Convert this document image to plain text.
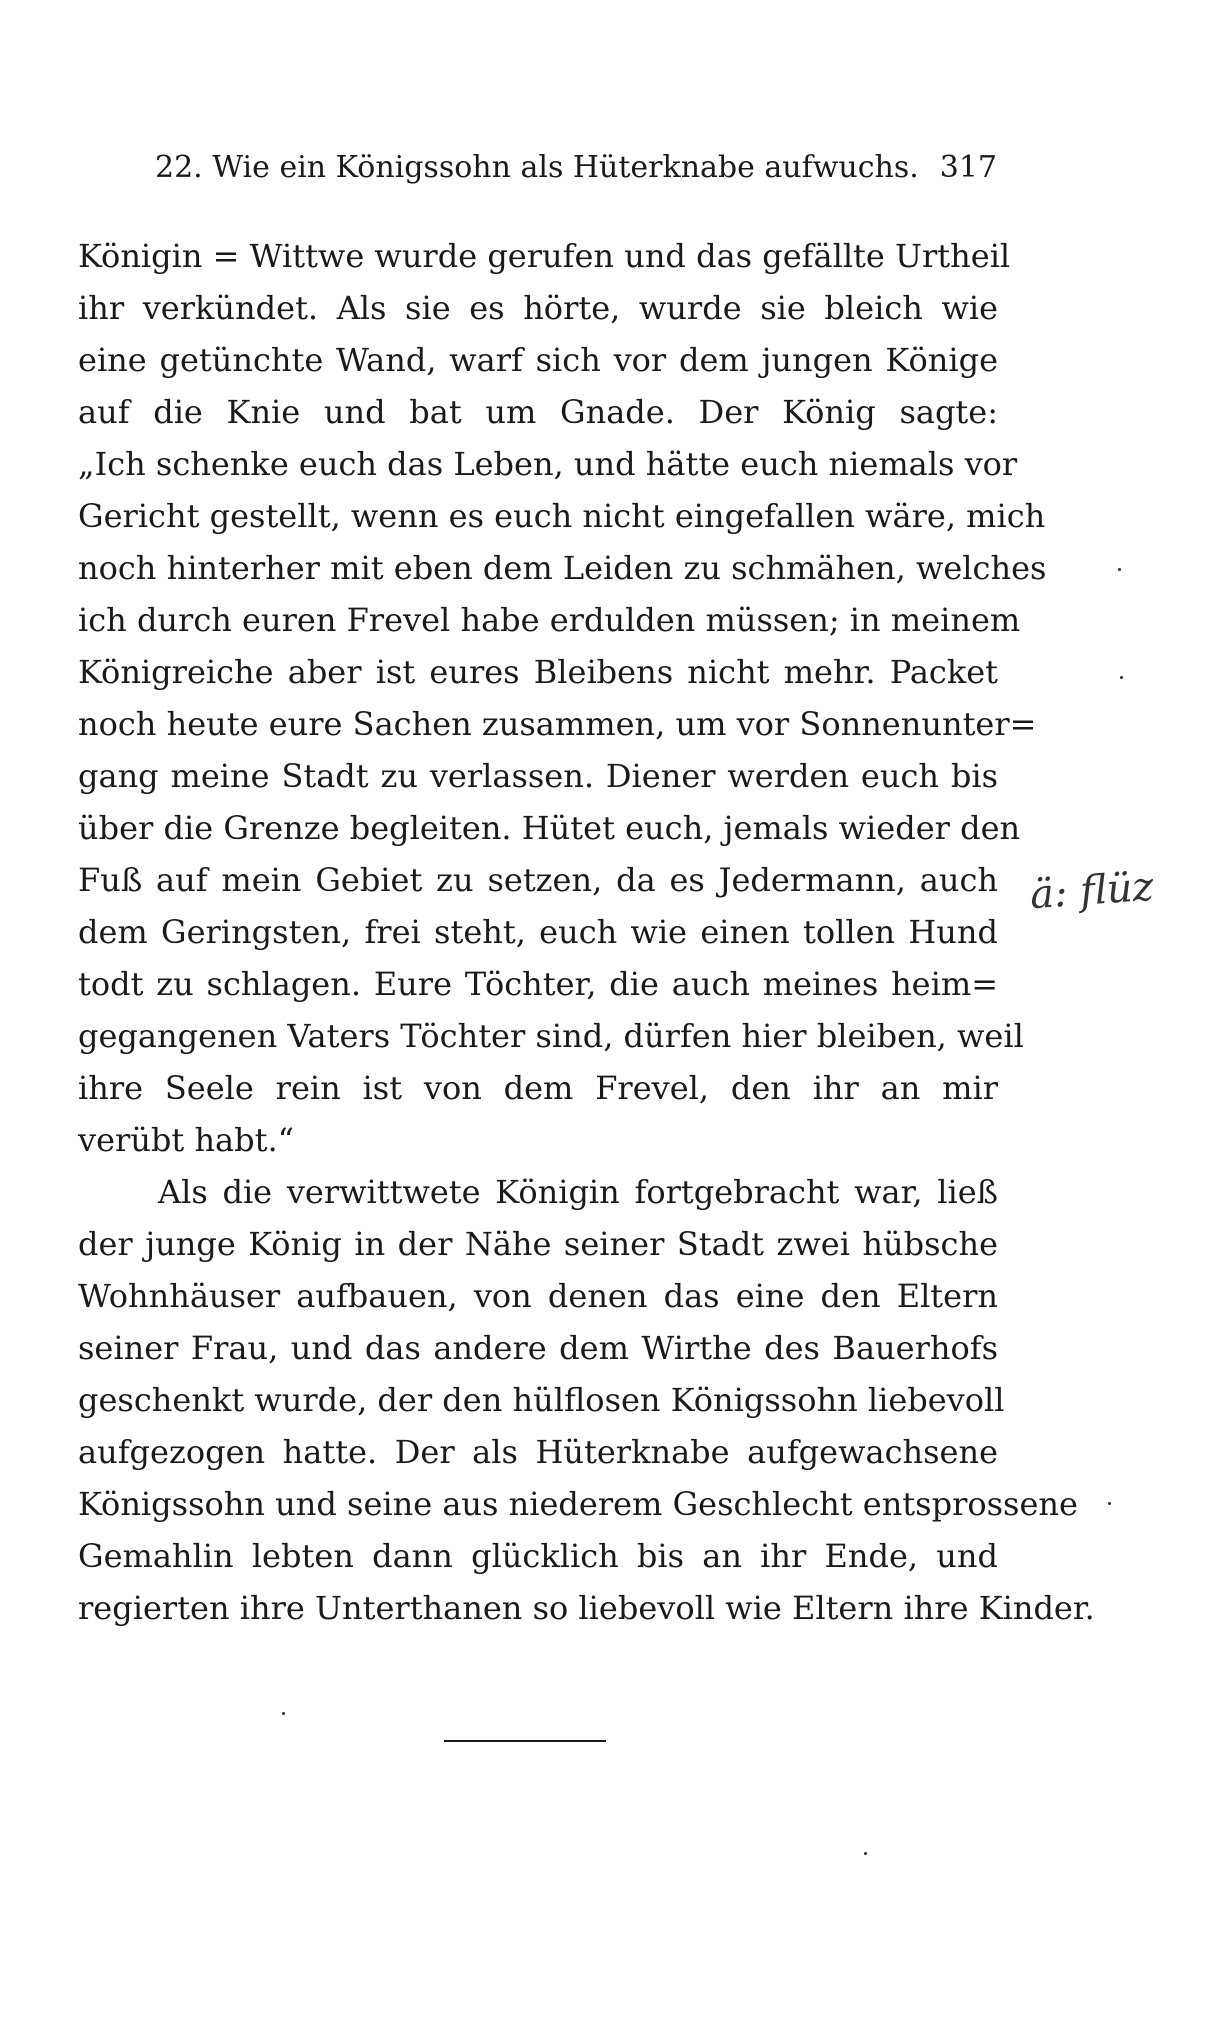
22. Wie ein Königssohn als Hüterknabe aufwuchs. 317
Königin = Wittwe wurde gerufen und das gefällte Urtheil
ihr verkündet. Als sie es hörte, wurde sie bleich wie
eine getünchte Wand, warf sich vor dem jungen Könige
auf die Knie und bat um Gnade. Der König sagte:
„Ich schenke euch das Leben, und hätte euch niemals vor
Gericht gestellt, wenn es euch nicht eingefallen wäre, mich
noch hinterher mit eben dem Leiden zu schmähen, welches
ich durch euren Frevel habe erdulden müssen; in meinem
Königreiche aber ist eures Bleibens nicht mehr. Packet
noch heute eure Sachen zusammen, um vor Sonnenunter=
gang meine Stadt zu verlassen. Diener werden euch bis
über die Grenze begleiten. Hütet euch, jemals wieder den
Fuß auf mein Gebiet zu setzen, da es Jedermann, auch
dem Geringsten, frei steht, euch wie einen tollen Hund
todt zu schlagen. Eure Töchter, die auch meines heim=
gegangenen Vaters Töchter sind, dürfen hier bleiben, weil
ihre Seele rein ist von dem Frevel, den ihr an mir
verübt habt.“
Als die verwittwete Königin fortgebracht war, ließ
der junge König in der Nähe seiner Stadt zwei hübsche
Wohnhäuser aufbauen, von denen das eine den Eltern
seiner Frau, und das andere dem Wirthe des Bauerhofs
geschenkt wurde, der den hülflosen Königssohn liebevoll
aufgezogen hatte. Der als Hüterknabe aufgewachsene
Königssohn und seine aus niederem Geschlecht entsprossene
Gemahlin lebten dann glücklich bis an ihr Ende, und
regierten ihre Unterthanen so liebevoll wie Eltern ihre Kinder.
ä: flüz
